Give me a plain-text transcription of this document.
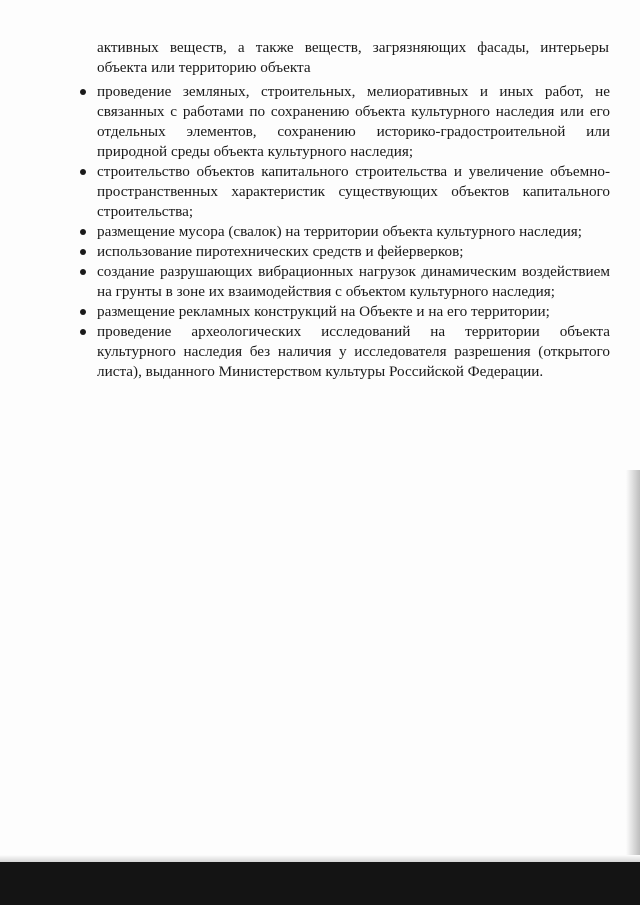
активных веществ, а также веществ, загрязняющих фасады, интерьеры
объекта или территорию объекта
проведение земляных, строительных, мелиоративных и иных работ, не связанных с работами по сохранению объекта культурного наследия или его отдельных элементов, сохранению историко-градостроительной или природной среды объекта культурного наследия;
строительство объектов капитального строительства и увеличение объемно-пространственных характеристик существующих объектов капитального строительства;
размещение мусора (свалок) на территории объекта культурного наследия;
использование пиротехнических средств и фейерверков;
создание разрушающих вибрационных нагрузок динамическим воздействием на грунты в зоне их взаимодействия с объектом культурного наследия;
размещение рекламных конструкций на Объекте и на его территории;
проведение археологических исследований на территории объекта культурного наследия без наличия у исследователя разрешения (открытого листа), выданного Министерством культуры Российской Федерации.
